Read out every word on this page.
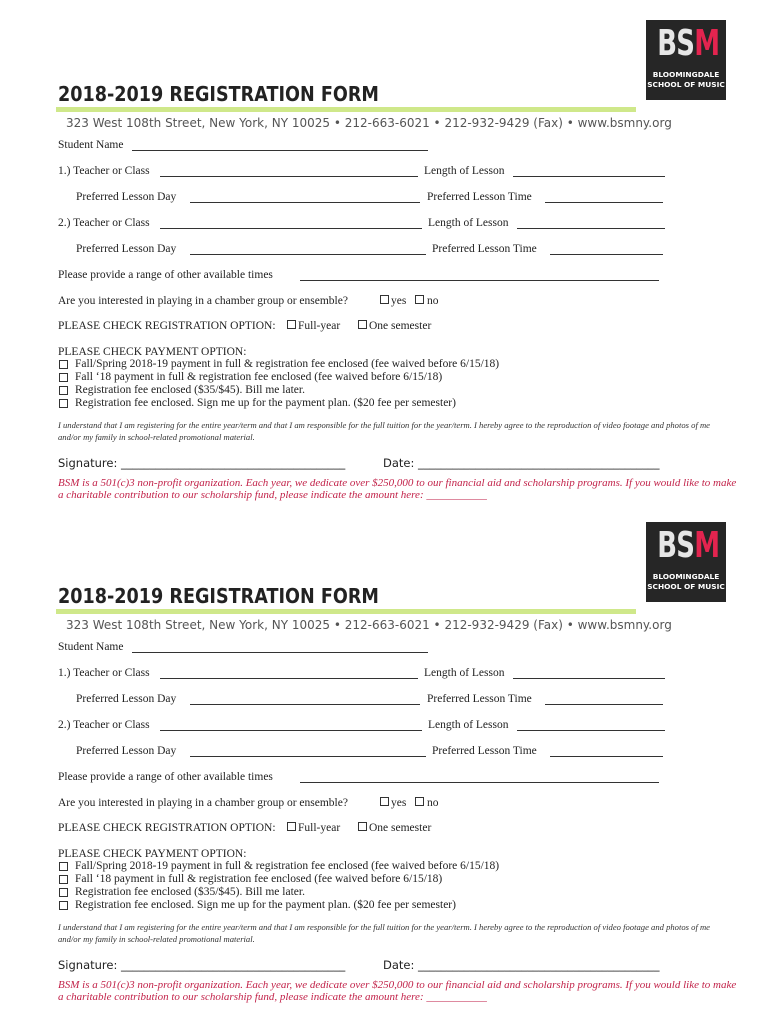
BSM
BLOOMINGDALE
SCHOOL OF MUSIC
2018-2019 REGISTRATION FORM
323 West 108th Street, New York, NY 10025 • 212-663-6021 • 212-932-9429 (Fax) • www.bsmny.org
Student Name
1.) Teacher or Class	Length of Lesson
Preferred Lesson Day	Preferred Lesson Time
2.) Teacher or Class	Length of Lesson
Preferred Lesson Day	Preferred Lesson Time
Please provide a range of other available times
Are you interested in playing in a chamber group or ensemble?	yes no
PLEASE CHECK REGISTRATION OPTION: Full-year	One semester
PLEASE CHECK PAYMENT OPTION:
Fall/Spring 2018-19 payment in full & registration fee enclosed (fee waived before 6/15/18)
Fall ‘18 payment in full & registration fee enclosed (fee waived before 6/15/18)
Registration fee enclosed ($35/$45). Bill me later.
Registration fee enclosed. Sign me up for the payment plan. ($20 fee per semester)
I understand that I am registering for the entire year/term and that I am responsible for the full tuition for the year/term. I hereby agree to the reproduction of video footage and photos of me and/or my family in school-related promotional material.
Signature: _______________________________________	Date: __________________________________________
BSM is a 501(c)3 non-profit organization. Each year, we dedicate over $250,000 to our financial aid and scholarship programs. If you would like to make a charitable contribution to our scholarship fund, please indicate the amount here: ___________
BSM
BLOOMINGDALE
SCHOOL OF MUSIC
2018-2019 REGISTRATION FORM
323 West 108th Street, New York, NY 10025 • 212-663-6021 • 212-932-9429 (Fax) • www.bsmny.org
Student Name
1.) Teacher or Class	Length of Lesson
Preferred Lesson Day	Preferred Lesson Time
2.) Teacher or Class	Length of Lesson
Preferred Lesson Day	Preferred Lesson Time
Please provide a range of other available times
Are you interested in playing in a chamber group or ensemble?	yes no
PLEASE CHECK REGISTRATION OPTION: Full-year	One semester
PLEASE CHECK PAYMENT OPTION:
Fall/Spring 2018-19 payment in full & registration fee enclosed (fee waived before 6/15/18)
Fall ‘18 payment in full & registration fee enclosed (fee waived before 6/15/18)
Registration fee enclosed ($35/$45). Bill me later.
Registration fee enclosed. Sign me up for the payment plan. ($20 fee per semester)
I understand that I am registering for the entire year/term and that I am responsible for the full tuition for the year/term. I hereby agree to the reproduction of video footage and photos of me and/or my family in school-related promotional material.
Signature: _______________________________________	Date: __________________________________________
BSM is a 501(c)3 non-profit organization. Each year, we dedicate over $250,000 to our financial aid and scholarship programs. If you would like to make a charitable contribution to our scholarship fund, please indicate the amount here: ___________
